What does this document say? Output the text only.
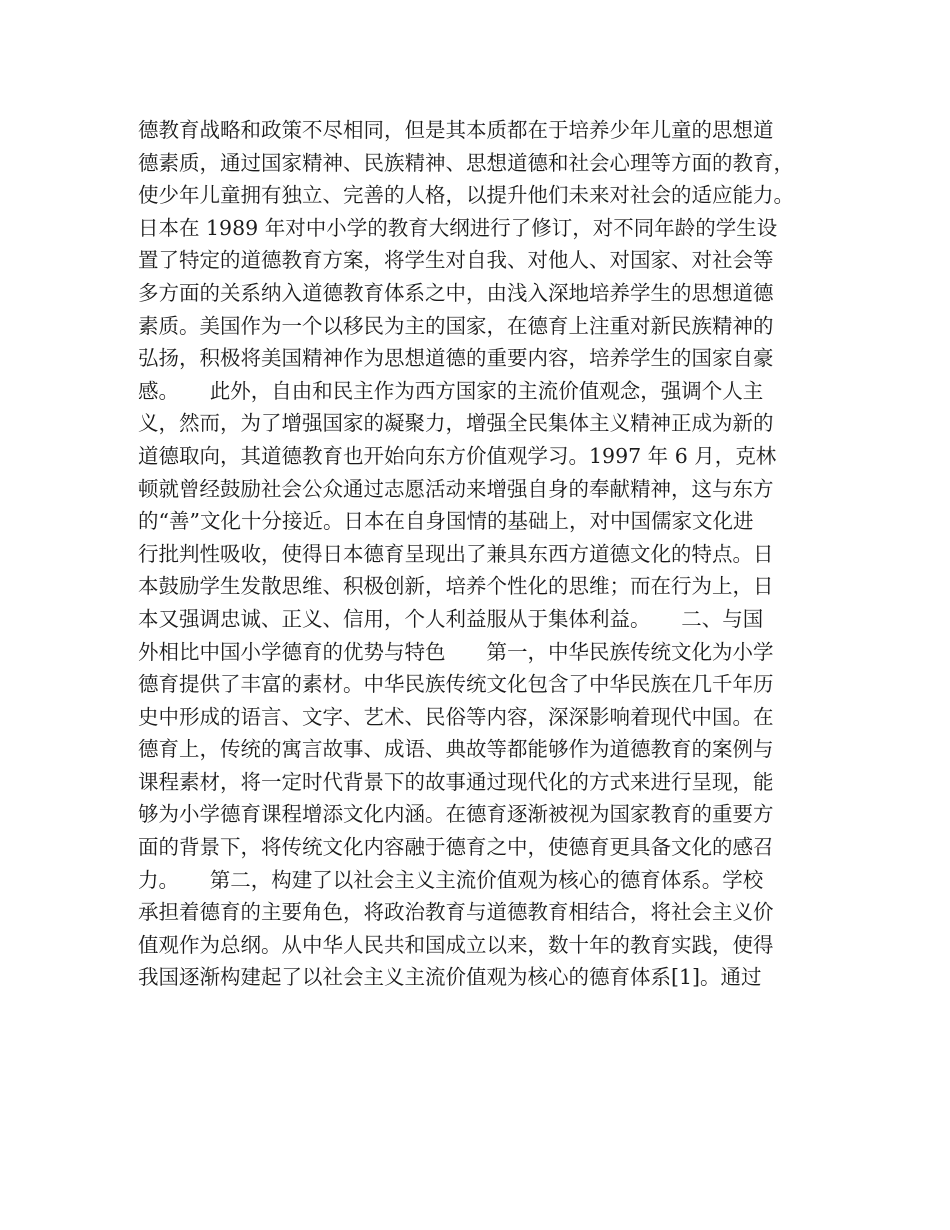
德教育战略和政策不尽相同，但是其本质都在于培养少年儿童的思想道
德素质，通过国家精神、民族精神、思想道德和社会心理等方面的教育，
使少年儿童拥有独立、完善的人格，以提升他们未来对社会的适应能力。
日本在 1989 年对中小学的教育大纲进行了修订，对不同年龄的学生设
置了特定的道德教育方案，将学生对自我、对他人、对国家、对社会等
多方面的关系纳入道德教育体系之中，由浅入深地培养学生的思想道德
素质。美国作为一个以移民为主的国家，在德育上注重对新民族精神的
弘扬，积极将美国精神作为思想道德的重要内容，培养学生的国家自豪
感。　　此外，自由和民主作为西方国家的主流价值观念，强调个人主
义，然而，为了增强国家的凝聚力，增强全民集体主义精神正成为新的
道德取向，其道德教育也开始向东方价值观学习。1997 年 6 月，克林
顿就曾经鼓励社会公众通过志愿活动来增强自身的奉献精神，这与东方
的“善”文化十分接近。日本在自身国情的基础上，对中国儒家文化进
行批判性吸收，使得日本德育呈现出了兼具东西方道德文化的特点。日
本鼓励学生发散思维、积极创新，培养个性化的思维；而在行为上，日
本又强调忠诚、正义、信用，个人利益服从于集体利益。　　二、与国
外相比中国小学德育的优势与特色　　第一，中华民族传统文化为小学
德育提供了丰富的素材。中华民族传统文化包含了中华民族在几千年历
史中形成的语言、文字、艺术、民俗等内容，深深影响着现代中国。在
德育上，传统的寓言故事、成语、典故等都能够作为道德教育的案例与
课程素材，将一定时代背景下的故事通过现代化的方式来进行呈现，能
够为小学德育课程增添文化内涵。在德育逐渐被视为国家教育的重要方
面的背景下，将传统文化内容融于德育之中，使德育更具备文化的感召
力。　　第二，构建了以社会主义主流价值观为核心的德育体系。学校
承担着德育的主要角色，将政治教育与道德教育相结合，将社会主义价
值观作为总纲。从中华人民共和国成立以来，数十年的教育实践，使得
我国逐渐构建起了以社会主义主流价值观为核心的德育体系[1]。通过
